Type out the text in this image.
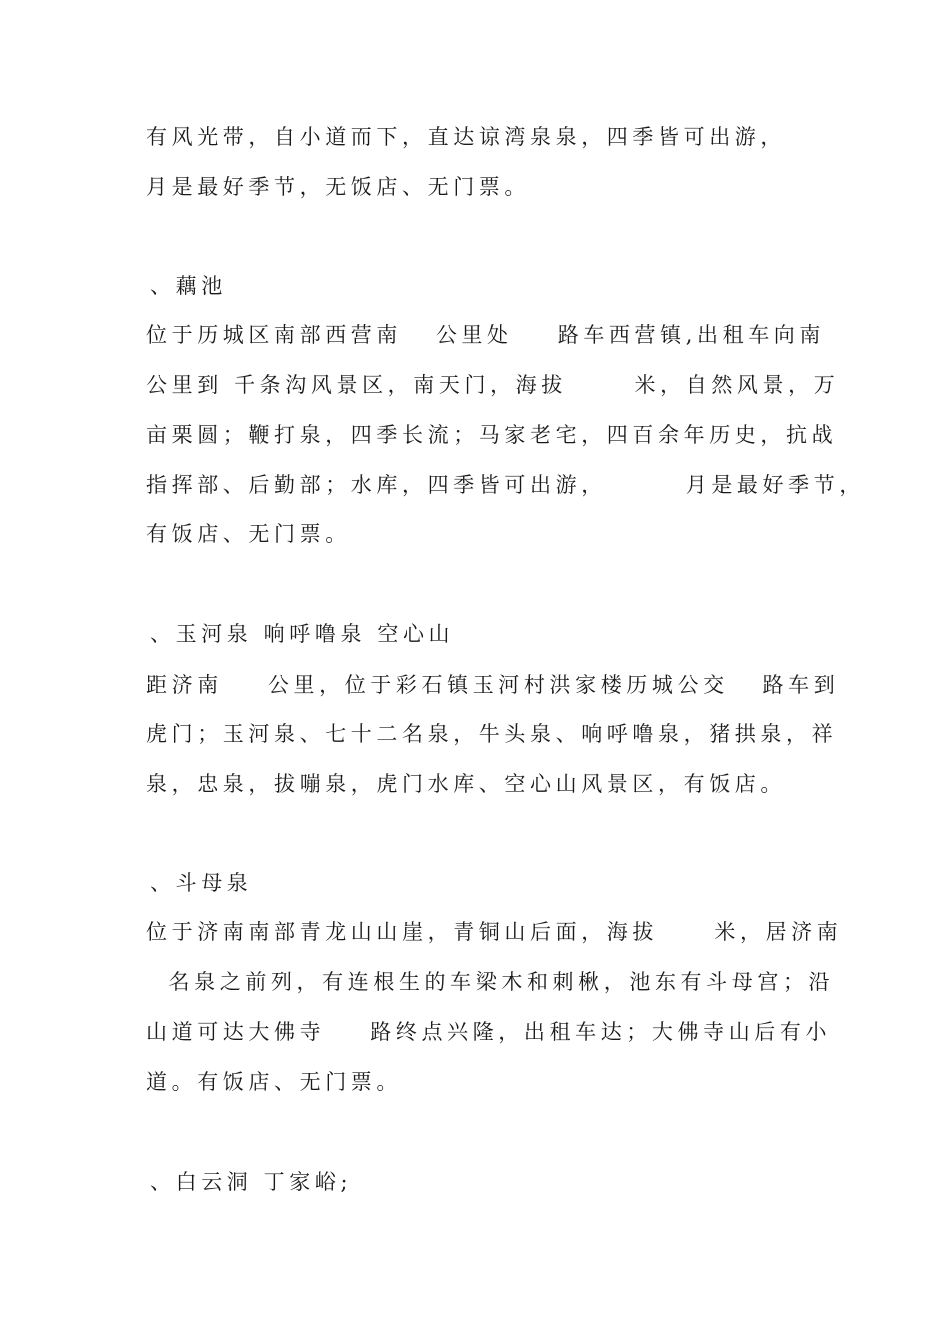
有风光带，自小道而下，直达谅湾泉泉，四季皆可出游，
月是最好季节，无饭店、无门票。
、藕池
位于历城区南部西营南   公里处    路车西营镇,出租车向南
公里到 千条沟风景区，南天门，海拔      米，自然风景，万
亩栗圆；鞭打泉，四季长流；马家老宅，四百余年历史，抗战
指挥部、后勤部；水库，四季皆可出游，       月是最好季节，
有饭店、无门票。
、玉河泉 响呼噜泉 空心山
距济南    公里，位于彩石镇玉河村洪家楼历城公交   路车到
虎门；玉河泉、七十二名泉，牛头泉、响呼噜泉，猪拱泉，祥
泉，忠泉，拔嘣泉，虎门水库、空心山风景区，有饭店。
、斗母泉
位于济南南部青龙山山崖，青铜山后面，海拔     米，居济南
名泉之前列，有连根生的车梁木和刺楸，池东有斗母宫；沿
山道可达大佛寺    路终点兴隆，出租车达；大佛寺山后有小
道。有饭店、无门票。
、白云洞 丁家峪;
